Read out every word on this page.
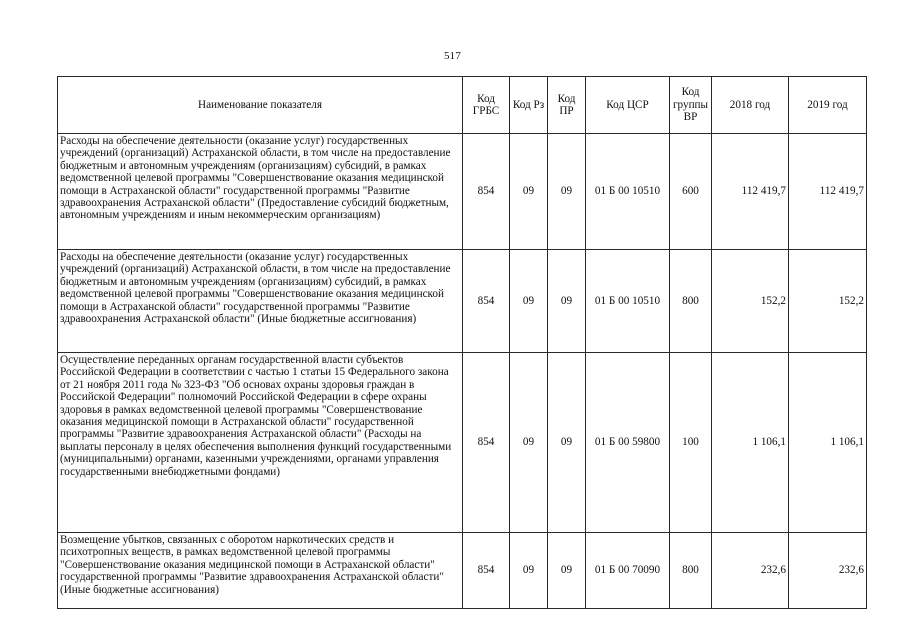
517
Наименование показателя	Код ГРБС	Код Рз	Код ПР	Код ЦСР	Код группы ВР	2018 год	2019 год
Расходы на обеспечение деятельности (оказание услуг) государственных учреждений (организаций) Астраханской области, в том числе на предоставление бюджетным и автономным учреждениям (организациям) субсидий, в рамках ведомственной целевой программы "Совершенствование оказания медицинской помощи в Астраханской области" государственной программы "Развитие здравоохранения Астраханской области" (Предоставление субсидий бюджетным, автономным учреждениям и иным некоммерческим организациям)	854	09	09	01 Б 00 10510	600	112 419,7	112 419,7
Расходы на обеспечение деятельности (оказание услуг) государственных учреждений (организаций) Астраханской области, в том числе на предоставление бюджетным и автономным учреждениям (организациям) субсидий, в рамках ведомственной целевой программы "Совершенствование оказания медицинской помощи в Астраханской области" государственной программы "Развитие здравоохранения Астраханской области" (Иные бюджетные ассигнования)	854	09	09	01 Б 00 10510	800	152,2	152,2
Осуществление переданных органам государственной власти субъектов Российской Федерации в соответствии с частью 1 статьи 15 Федерального закона от 21 ноября 2011 года № 323-ФЗ "Об основах охраны здоровья граждан в Российской Федерации" полномочий Российской Федерации в сфере охраны здоровья в рамках ведомственной целевой программы "Совершенствование оказания медицинской помощи в Астраханской области" государственной программы "Развитие здравоохранения Астраханской области" (Расходы на выплаты персоналу в целях обеспечения выполнения функций государственными (муниципальными) органами, казенными учреждениями, органами управления государственными внебюджетными фондами)	854	09	09	01 Б 00 59800	100	1 106,1	1 106,1
Возмещение убытков, связанных с оборотом наркотических средств и психотропных веществ, в рамках ведомственной целевой программы "Совершенствование оказания медицинской помощи в Астраханской области" государственной программы "Развитие здравоохранения Астраханской области" (Иные бюджетные ассигнования)	854	09	09	01 Б 00 70090	800	232,6	232,6
